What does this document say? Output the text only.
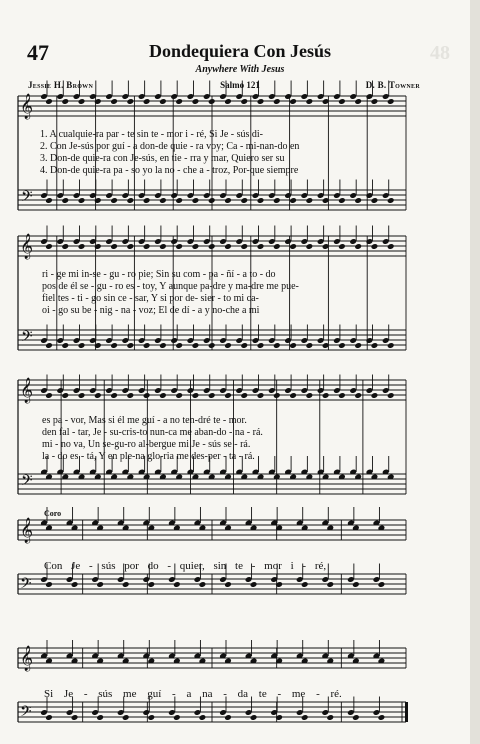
48
47	Dondequiera Con Jesús
Anywhere With Jesus
Jessie H. Brown	Salmo 121	D. B. Towner
𝄞
𝄢
𝄞
𝄢
𝄞
𝄢
𝄞
𝄢
𝄞
𝄢
1. A cualquie-ra par - te sin te - mor i - ré, Si Je - sús di-
2. Con Je-sús por guí - a don-de quie - ra voy; Ca - mi-nan-do en
3. Don-de quie-ra con Je-sús, en tie - rra y mar, Quiero ser su
4. Don-de quie-ra pa - so yo la no - che a - troz, Por-que siempre
ri - ge mi in-se - gu - ro pie; Sin su com - pa - ñí - a to - do
pos de él se - gu - ro es - toy, Y aunque pa-dre y ma-dre me pue-
fiel tes - ti - go sin ce - sar, Y si por de- sier - to mi ca-
oi - go su be - nig - na - voz; El de dí - a y no-che a mi
es pa - vor, Mas si él me guí - a no ten-dré te - mor.
den fal - tar, Je - su-cris-to nun-ca me aban-do - na - rá.
mi - no va, Un se-gu-ro al-bergue mi Je - sús se - rá.
la - do es - tá, Y en ple-na glo-ria me des-per - ta - rá.
Coro
Con Je - sús por do - quier, sin te - mor i - ré,
Si Je - sús me guí - a na - da te - me - ré.
